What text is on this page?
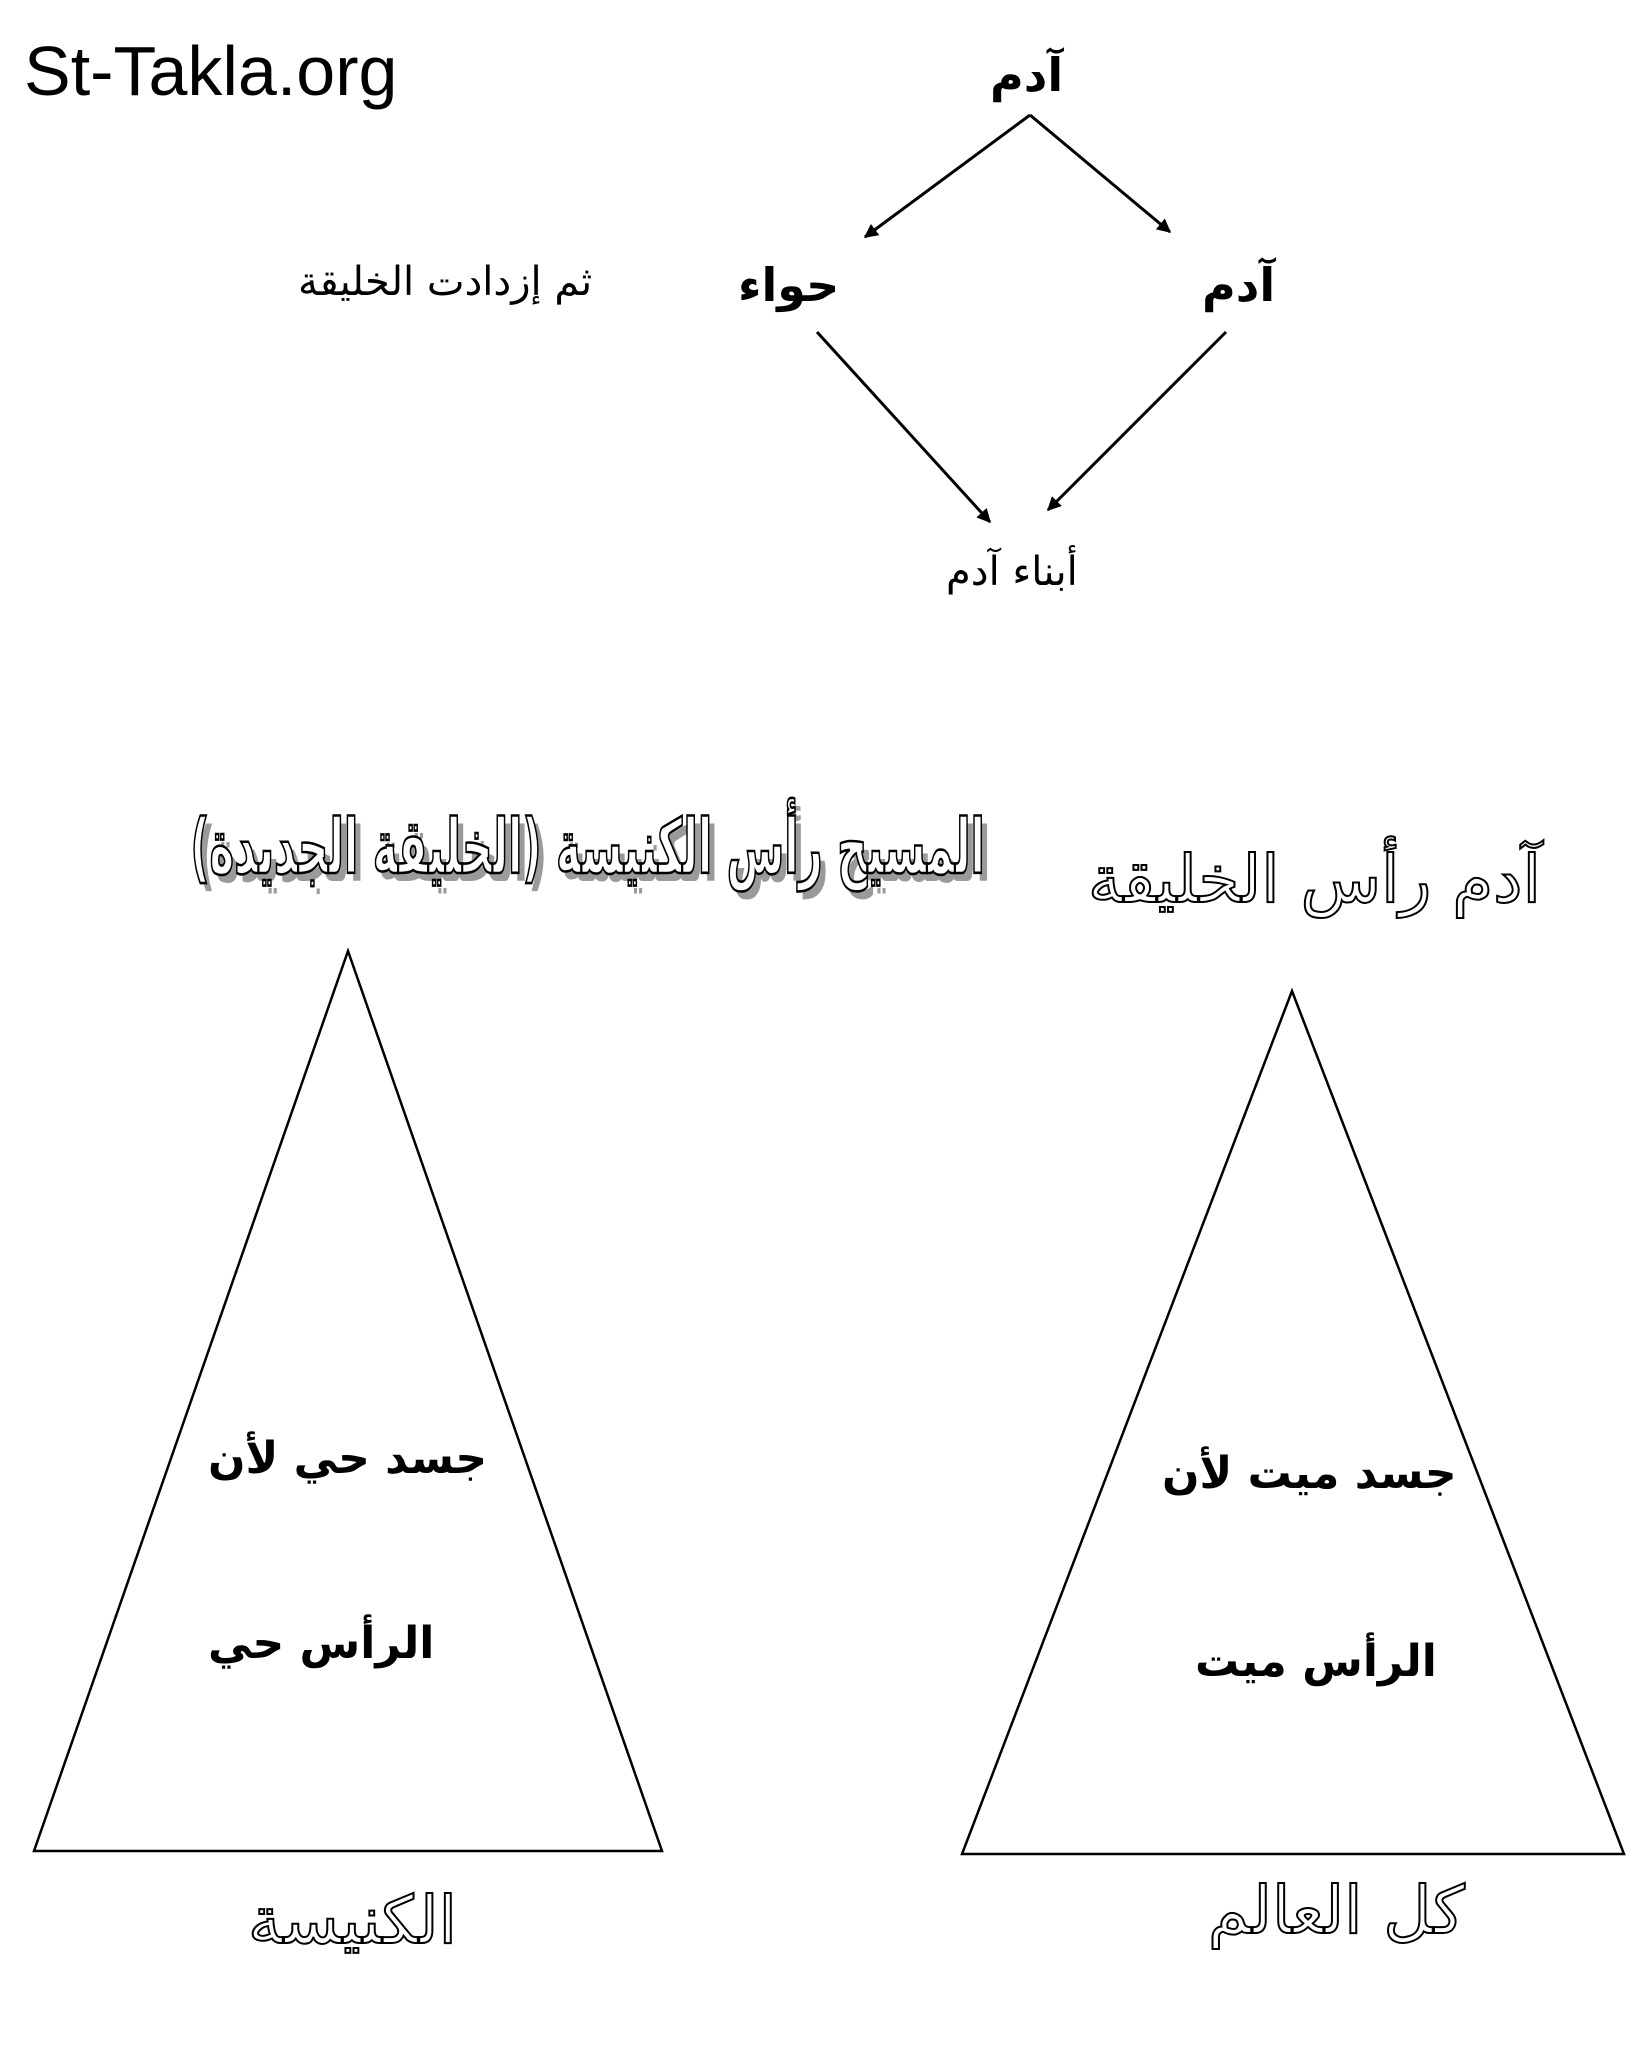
St-Takla.org	آدم
حواء	آدم
أبناء آدم
ثم إزدادت الخليقة
آدم رأس الخليقة
جسد ميت لأن
الرأس ميت
كل العالم
المسيح رأس الكنيسة (الخليقة الجديدة)
جسد حي لأن
الرأس حي
الكنيسة
